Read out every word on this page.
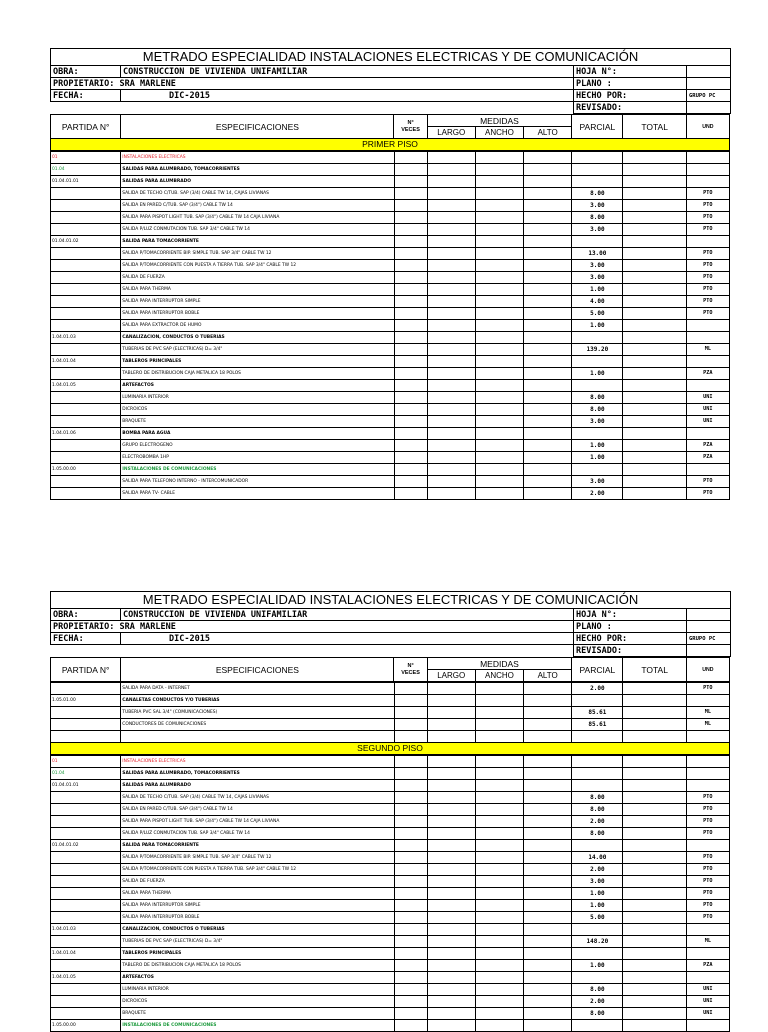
METRADO ESPECIALIDAD INSTALACIONES ELECTRICAS Y DE COMUNICACIÓN			
OBRA:	CONSTRUCCION DE VIVIENDA UNIFAMILIAR	HOJA N°:	
PROPIETARIO: SRA MARLENE		PLANO :	
FECHA:	DIC-2015	HECHO POR:	GRUPO PC
		REVISADO:	
PARTIDA N°	ESPECIFICACIONES	N°
VECES	MEDIDAS			PARCIAL	TOTAL	UND
			LARGO	ANCHO	ALTO			
PRIMER PISO
01	INSTALACIONES ELECTRICAS							
01.04	SALIDAS PARA ALUMBRADO, TOMACORRIENTES							
01.04.01.01	SALIDAS PARA ALUMBRADO							
	SALIDA DE TECHO C/TUB. SAP (3/4) CABLE TW 14, CAJAS LIVIANAS					8.00		PTO
	SALIDA EN PARED C/TUB. SAP (3/4") CABLE TW 14					3.00		PTO
	SALIDA PARA PISPOT LIGHT TUB. SAP (3/4") CABLE TW 14 CAJA LIVIANA					8.00		PTO
	SALIDA P/LUZ CONMUTACION TUB. SAP 3/4" CABLE TW 14					3.00		PTO
01.04.01.02	SALIDA PARA TOMACORRIENTE							
	SALIDA P/TOMACORRIENTE BIP. SIMPLE TUB. SAP 3/4" CABLE TW 12					13.00		PTO
	SALIDA P/TOMACORRIENTE CON PUESTA A TIERRA TUB. SAP 3/4" CABLE TW 12					3.00		PTO
	SALIDA DE FUERZA					3.00		PTO
	SALIDA PARA THERMA					1.00		PTO
	SALIDA PARA INTERRUPTOR SIMPLE					4.00		PTO
	SALIDA PARA INTERRUPTOR BOBLE					5.00		PTO
	SALIDA PARA EXTRACTOR DE HUMO					1.00		
1.04.01.03	CANALIZACION, CONDUCTOS O TUBERIAS							
	TUBERIAS DE PVC SAP (ELECTRICAS) D= 3/4"					139.20		ML
1.04.01.04	TABLEROS PRINCIPALES							
	TABLERO DE DISTRIBUCION CAJA METALICA 18 POLOS					1.00		PZA
1.04.01.05	ARTEFACTOS							
	LUMINARIA INTERIOR					8.00		UNI
	DICROICOS					8.00		UNI
	BRAQUETE					3.00		UNI
1.04.01.06	BOMBA PARA AGUA							
	GRUPO ELECTROGENO					1.00		PZA
	ELECTROBOMBA 1HP					1.00		PZA
1.05.00.00	INSTALACIONES DE COMUNICACIONES							
	SALIDA PARA TELEFONO INTERNO - INTERCOMUNICADOR					3.00		PTO
	SALIDA PARA TV- CABLE					2.00		PTO
METRADO ESPECIALIDAD INSTALACIONES ELECTRICAS Y DE COMUNICACIÓN			
OBRA:	CONSTRUCCION DE VIVIENDA UNIFAMILIAR	HOJA N°:	
PROPIETARIO: SRA MARLENE		PLANO :	
FECHA:	DIC-2015	HECHO POR:	GRUPO PC
		REVISADO:	
PARTIDA N°	ESPECIFICACIONES	N°
VECES	MEDIDAS			PARCIAL	TOTAL	UND
			LARGO	ANCHO	ALTO			
	SALIDA PARA DATA - INTERNET					2.00		PTO
1.05.01.00	CANALETAS CONDUCTOS Y/O TUBERIAS							
	TUBERIA PVC SAL 3/4" (COMUNICACIONES)					85.61		ML
	CONDUCTORES DE COMUNICACIONES					85.61		ML

SEGUNDO PISO
01	INSTALACIONES ELECTRICAS							
01.04	SALIDAS PARA ALUMBRADO, TOMACORRIENTES							
01.04.01.01	SALIDAS PARA ALUMBRADO							
	SALIDA DE TECHO C/TUB. SAP (3/4) CABLE TW 14, CAJAS LIVIANAS					8.00		PTO
	SALIDA EN PARED C/TUB. SAP (3/4") CABLE TW 14					8.00		PTO
	SALIDA PARA PISPOT LIGHT TUB. SAP (3/4") CABLE TW 14 CAJA LIVIANA					2.00		PTO
	SALIDA P/LUZ CONMUTACION TUB. SAP 3/4" CABLE TW 14					8.00		PTO
01.04.01.02	SALIDA PARA TOMACORRIENTE							
	SALIDA P/TOMACORRIENTE BIP. SIMPLE TUB. SAP 3/4" CABLE TW 12					14.00		PTO
	SALIDA P/TOMACORRIENTE CON PUESTA A TIERRA TUB. SAP 3/4" CABLE TW 12					2.00		PTO
	SALIDA DE FUERZA					3.00		PTO
	SALIDA PARA THERMA					1.00		PTO
	SALIDA PARA INTERRUPTOR SIMPLE					1.00		PTO
	SALIDA PARA INTERRUPTOR BOBLE					5.00		PTO
1.04.01.03	CANALIZACION, CONDUCTOS O TUBERIAS							
	TUBERIAS DE PVC SAP (ELECTRICAS) D= 3/4"					148.20		ML
1.04.01.04	TABLEROS PRINCIPALES							
	TABLERO DE DISTRIBUCION CAJA METALICA 18 POLOS					1.00		PZA
1.04.01.05	ARTEFACTOS							
	LUMINARIA INTERIOR					8.00		UNI
	DICROICOS					2.00		UNI
	BRAQUETE					8.00		UNI
1.05.00.00	INSTALACIONES DE COMUNICACIONES							
